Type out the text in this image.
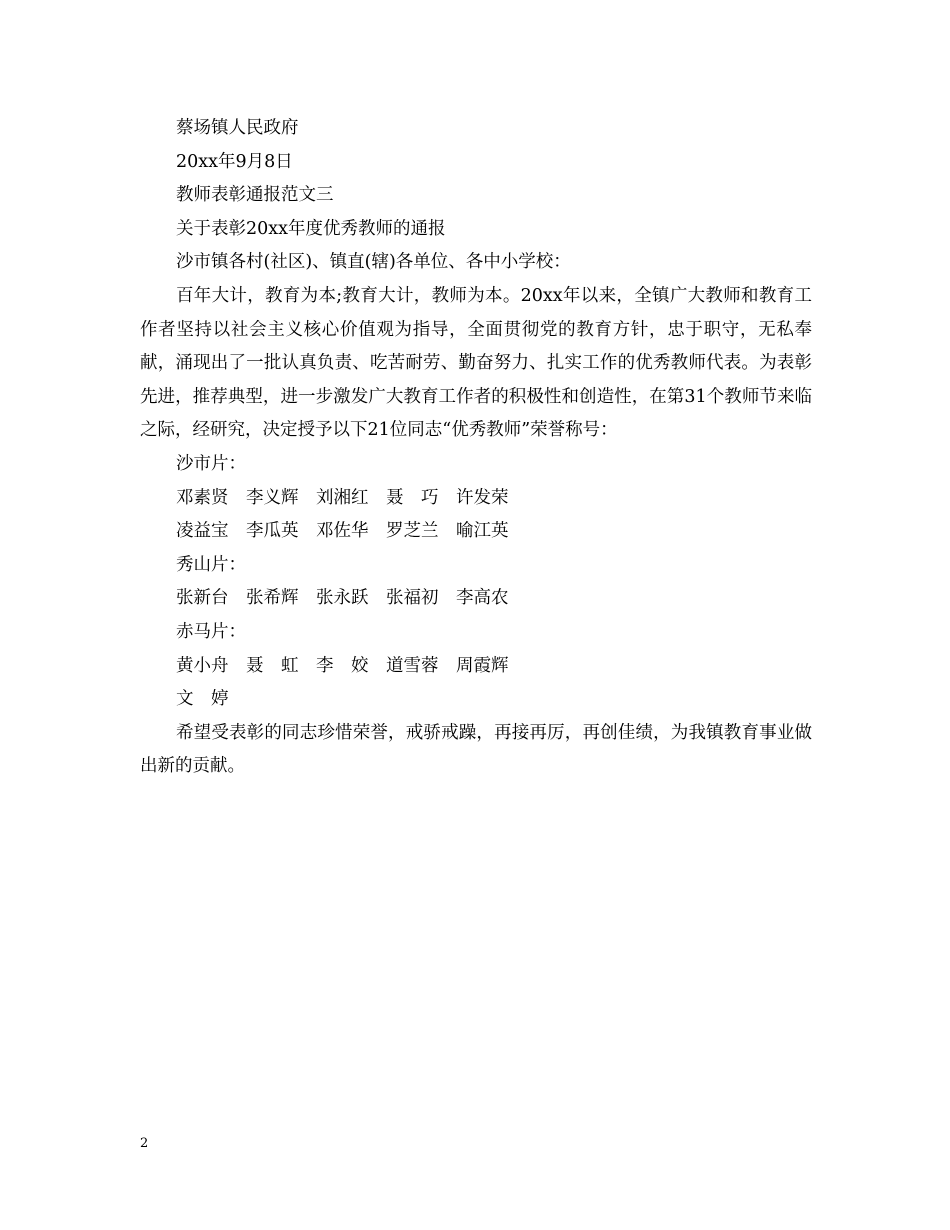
蔡场镇人民政府
20xx年9月8日
教师表彰通报范文三
关于表彰20xx年度优秀教师的通报
沙市镇各村(社区)、镇直(辖)各单位、各中小学校：
百年大计，教育为本;教育大计，教师为本。20xx年以来，全镇广大教师和教育工作者坚持以社会主义核心价值观为指导，全面贯彻党的教育方针，忠于职守，无私奉献，涌现出了一批认真负责、吃苦耐劳、勤奋努力、扎实工作的优秀教师代表。为表彰先进，推荐典型，进一步激发广大教育工作者的积极性和创造性，在第31个教师节来临之际，经研究，决定授予以下21位同志“优秀教师”荣誉称号：
沙市片：
邓素贤　李义辉　刘湘红　聂　巧　许发荣
凌益宝　李瓜英　邓佐华　罗芝兰　喻江英
秀山片：
张新台　张希辉　张永跃　张福初　李高农
赤马片：
黄小舟　聂　虹　李　姣　道雪蓉　周霞辉
文　婷
希望受表彰的同志珍惜荣誉，戒骄戒躁，再接再厉，再创佳绩，为我镇教育事业做出新的贡献。
2
